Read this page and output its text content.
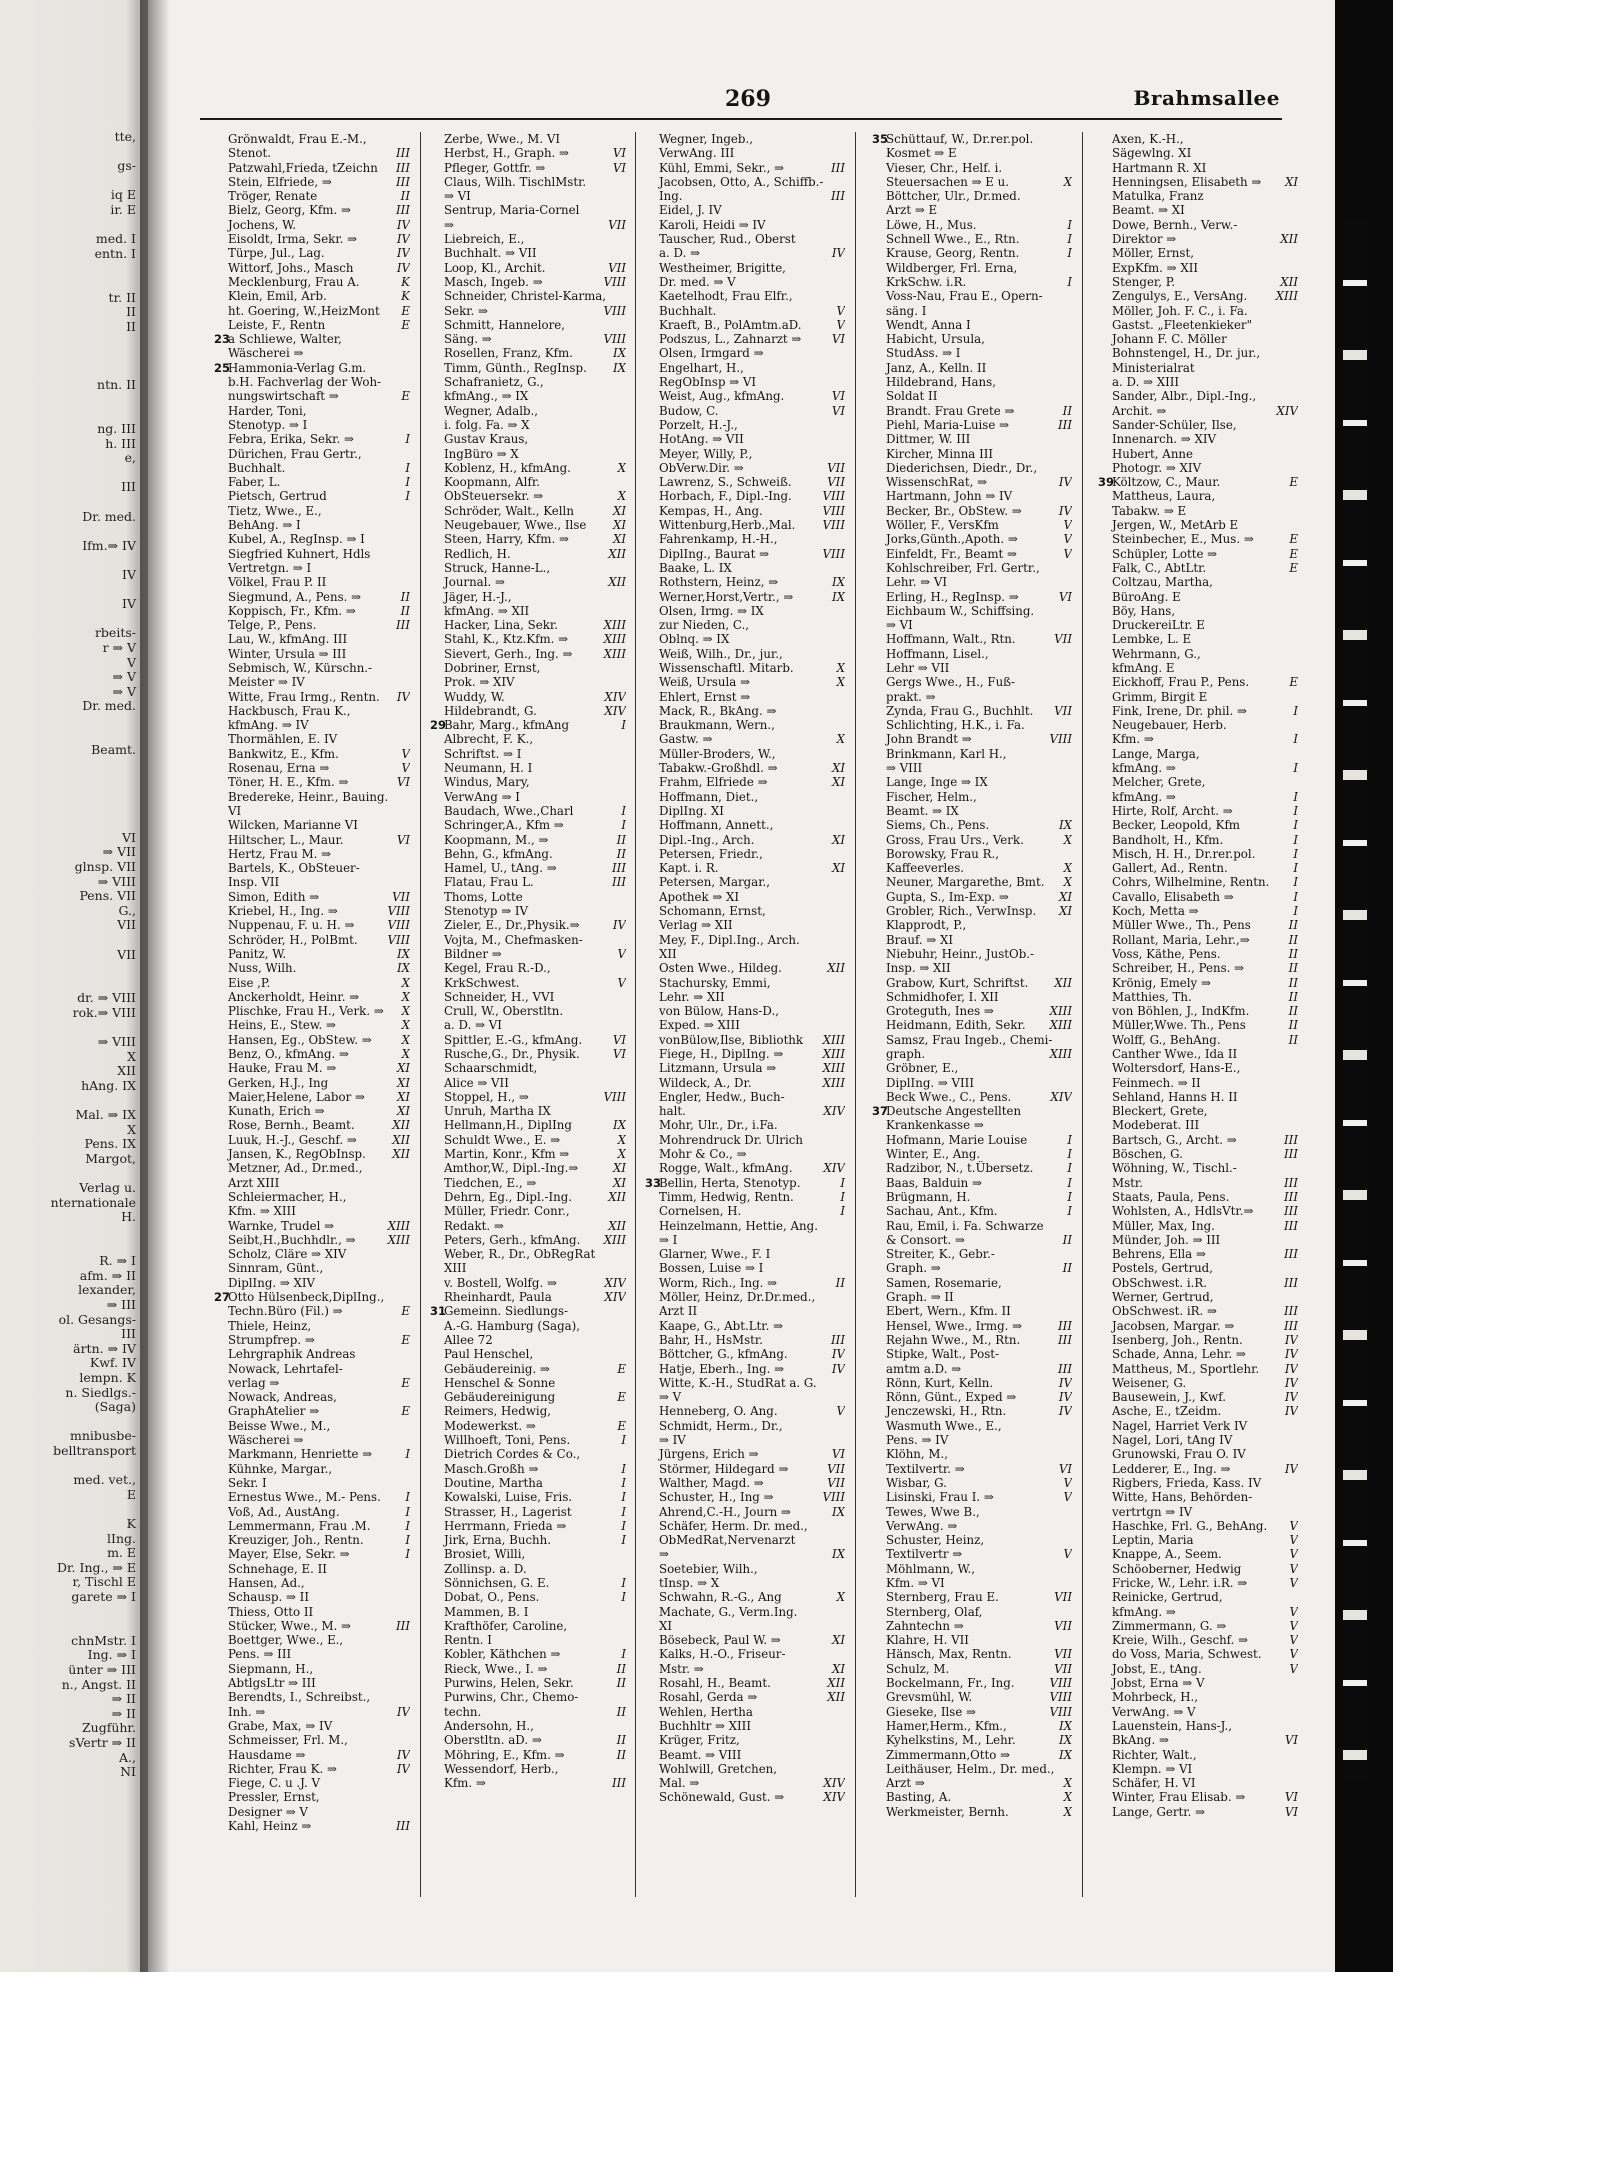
tte,
gs-
iq E
ir. E
med. I
entn. I
tr. II
II
II
ntn. II
ng. III
h. III
e,
III
Dr. med.
Ifm.⇒ IV
IV
IV
rbeits-
r ⇒ V
V
⇒ V
⇒ V
Dr. med.
Beamt.
VI
⇒ VII
glnsp. VII
⇒ VIII
Pens. VII
G.,
VII
VII
dr. ⇒ VIII
rok.⇒ VIII
⇒ VIII
X
XII
hAng. IX
Mal. ⇒ IX
X
Pens. IX
Margot,
Verlag u.
nternationale
H.
R. ⇒ I
afm. ⇒ II
lexander,
⇒ III
ol. Gesangs-
III
ärtn. ⇒ IV
Kwf. IV
lempn. K
n. Siedlgs.-
(Saga)
mnibusbe-
belltransport
med. vet.,
E
K
lIng.
m. E
Dr. Ing., ⇒ E
r, Tischl E
garete ⇒ I
chnMstr. I
Ing. ⇒ I
ünter ⇒ III
n., Angst. II
⇒ II
⇒ II
Zugführ.
sVertr ⇒ II
A.,
NI
269	Brahmsallee
Grönwaldt, Frau E.-M.,
Stenot.	III
Patzwahl,Frieda, tZeichn III
Stein, Elfriede, ⇒	III
Tröger, Renate	II
Bielz, Georg, Kfm. ⇒	III
Jochens, W.	IV
Eisoldt, Irma, Sekr. ⇒	IV
Türpe, Jul., Lag.	IV
Wittorf, Johs., Masch	IV
Mecklenburg, Frau A.	K
Klein, Emil, Arb.	K
ht. Goering, W.,HeizMont E
Leiste, F., Rentn	E
23a Schliewe, Walter,
Wäscherei ⇒
25Hammonia-Verlag G.m.
b.H. Fachverlag der Woh-
nungswirtschaft ⇒	E
Harder, Toni,
Stenotyp. ⇒ I
Febra, Erika, Sekr. ⇒	I
Dürichen, Frau Gertr.,
Buchhalt.	I
Faber, L.	I
Pietsch, Gertrud	I
Tietz, Wwe., E.,
BehAng. ⇒ I
Kubel, A., RegInsp. ⇒ I
Siegfried Kuhnert, Hdls
Vertretgn. ⇒ I
Völkel, Frau P. II
Siegmund, A., Pens. ⇒	II
Koppisch, Fr., Kfm. ⇒	II
Telge, P., Pens.	III
Lau, W., kfmAng. III
Winter, Ursula ⇒ III
Sebmisch, W., Kürschn.-
Meister ⇒ IV
Witte, Frau Irmg., Rentn. IV
Hackbusch, Frau K.,
kfmAng. ⇒ IV
Thormählen, E. IV
Bankwitz, E., Kfm.	V
Rosenau, Erna ⇒	V
Töner, H. E., Kfm. ⇒	VI
Bredereke, Heinr., Bauing.
VI
Wilcken, Marianne VI
Hiltscher, L., Maur.	VI
Hertz, Frau M. ⇒
Bartels, K., ObSteuer-
Insp. VII
Simon, Edith ⇒	VII
Kriebel, H., Ing. ⇒	VIII
Nuppenau, F. u. H. ⇒	VIII
Schröder, H., PolBmt.	VIII
Panitz, W.	IX
Nuss, Wilh.	IX
Eise ,P.	X
Anckerholdt, Heinr. ⇒	X
Plischke, Frau H., Verk. ⇒ X
Heins, E., Stew. ⇒	X
Hansen, Eg., ObStew. ⇒	X
Benz, O., kfmAng. ⇒	X
Hauke, Frau M. ⇒	XI
Gerken, H.J., Ing	XI
Maier,Helene, Labor ⇒	XI
Kunath, Erich ⇒	XI
Rose, Bernh., Beamt.	XII
Luuk, H.-J., Geschf. ⇒	XII
Jansen, K., RegObInsp. XII
Metzner, Ad., Dr.med.,
Arzt XIII
Schleiermacher, H.,
Kfm. ⇒ XIII
Warnke, Trudel ⇒	XIII
Seibt,H.,Buchhdlr., ⇒	XIII
Scholz, Cläre ⇒ XIV
Sinnram, Günt.,
DiplIng. ⇒ XIV
27Otto Hülsenbeck,DiplIng.,
Techn.Büro (Fil.) ⇒	E
Thiele, Heinz,
Strumpfrep. ⇒	E
Lehrgraphik Andreas
Nowack, Lehrtafel-
verlag ⇒	E
Nowack, Andreas,
GraphAtelier ⇒	E
Beisse Wwe., M.,
Wäscherei ⇒
Markmann, Henriette ⇒	I
Kühnke, Margar.,
Sekr. I
Ernestus Wwe., M.- Pens. I
Voß, Ad., AustAng.	I
Lemmermann, Frau .M.	I
Kreuziger, Joh., Rentn.	I
Mayer, Else, Sekr. ⇒	I
Schnehage, E. II
Hansen, Ad.,
Schausp. ⇒ II
Thiess, Otto II
Stücker, Wwe., M. ⇒	III
Boettger, Wwe., E.,
Pens. ⇒ III
Siepmann, H.,
AbtlgsLtr ⇒ III
Berendts, I., Schreibst.,
Inh. ⇒	IV
Grabe, Max, ⇒ IV
Schmeisser, Frl. M.,
Hausdame ⇒	IV
Richter, Frau K. ⇒	IV
Fiege, C. u .J. V
Pressler, Ernst,
Designer ⇒ V
Kahl, Heinz ⇒	III
Zerbe, Wwe., M. VI
Herbst, H., Graph. ⇒	VI
Pfleger, Gottfr. ⇒	VI
Claus, Wilh. TischlMstr.
⇒ VI
Sentrup, Maria-Cornel
⇒	VII
Liebreich, E.,
Buchhalt. ⇒ VII
Loop, Kl., Archit.	VII
Masch, Ingeb. ⇒	VIII
Schneider, Christel-Karma,
Sekr. ⇒	VIII
Schmitt, Hannelore,
Säng. ⇒	VIII
Rosellen, Franz, Kfm.	IX
Timm, Günth., RegInsp. IX
Schafranietz, G.,
kfmAng., ⇒ IX
Wegner, Adalb.,
i. folg. Fa. ⇒ X
Gustav Kraus,
IngBüro ⇒ X
Koblenz, H., kfmAng.	X
Koopmann, Alfr.
ObSteuersekr. ⇒	X
Schröder, Walt., Kelln	XI
Neugebauer, Wwe., Ilse XI
Steen, Harry, Kfm. ⇒	XI
Redlich, H.	XII
Struck, Hanne-L.,
Journal. ⇒	XII
Jäger, H.-J.,
kfmAng. ⇒ XII
Hacker, Lina, Sekr.	XIII
Stahl, K., Ktz.Kfm. ⇒	XIII
Sievert, Gerh., Ing. ⇒	XIII
Dobriner, Ernst,
Prok. ⇒ XIV
Wuddy, W.	XIV
Hildebrandt, G.	XIV
29Bahr, Marg., kfmAng	I
Albrecht, F. K.,
Schriftst. ⇒ I
Neumann, H. I
Windus, Mary,
VerwAng ⇒ I
Baudach, Wwe.,Charl	I
Schringer,A., Kfm ⇒	I
Koopmann, M., ⇒	II
Behn, G., kfmAng.	II
Hamel, U., tAng. ⇒	III
Flatau, Frau L.	III
Thoms, Lotte
Stenotyp ⇒ IV
Zieler, E., Dr.,Physik.⇒	IV
Vojta, M., Chefmasken-
Bildner ⇒	V
Kegel, Frau R.-D.,
KrkSchwest.	V
Schneider, H., VVI
Crull, W., Oberstltn.
a. D. ⇒ VI
Spittler, E.-G., kfmAng.	VI
Rusche,G., Dr., Physik.	VI
Schaarschmidt,
Alice ⇒ VII
Stoppel, H., ⇒	VIII
Unruh, Martha IX
Hellmann,H., DiplIng	IX
Schuldt Wwe., E. ⇒	X
Martin, Konr., Kfm ⇒	X
Amthor,W., Dipl.-Ing.⇒	XI
Tiedchen, E., ⇒	XI
Dehrn, Eg., Dipl.-Ing.	XII
Müller, Friedr. Conr.,
Redakt. ⇒	XII
Peters, Gerh., kfmAng. XIII
Weber, R., Dr., ObRegRat
XIII
v. Bostell, Wolfg. ⇒	XIV
Rheinhardt, Paula	XIV
31Gemeinn. Siedlungs-
A.-G. Hamburg (Saga),
Allee 72
Paul Henschel,
Gebäudereinig. ⇒	E
Henschel & Sonne
Gebäudereinigung	E
Reimers, Hedwig,
Modewerkst. ⇒	E
Willhoeft, Toni, Pens.	I
Dietrich Cordes & Co.,
Masch.Großh ⇒	I
Doutine, Martha	I
Kowalski, Luise, Fris.	I
Strasser, H., Lagerist	I
Herrmann, Frieda ⇒	I
Jirk, Erna, Buchh.	I
Brosiet, Willi,
Zollinsp. a. D.
Sönnichsen, G. E.	I
Dobat, O., Pens.	I
Mammen, B. I
Krafthöfer, Caroline,
Rentn. I
Kobler, Käthchen ⇒	I
Rieck, Wwe., I. ⇒	II
Purwins, Helen, Sekr.	II
Purwins, Chr., Chemo-
techn.	II
Andersohn, H.,
Oberstltn. aD. ⇒	II
Möhring, E., Kfm. ⇒	II
Wessendorf, Herb.,
Kfm. ⇒	III
Wegner, Ingeb.,
VerwAng. III
Kühl, Emmi, Sekr., ⇒	III
Jacobsen, Otto, A., Schiffb.-
Ing.	III
Eidel, J. IV
Karoli, Heidi ⇒ IV
Tauscher, Rud., Oberst
a. D. ⇒	IV
Westheimer, Brigitte,
Dr. med. ⇒ V
Kaetelhodt, Frau Elfr.,
Buchhalt.	V
Kraeft, B., PolAmtm.aD.	V
Podszus, L., Zahnarzt ⇒	VI
Olsen, Irmgard ⇒
Engelhart, H.,
RegObInsp ⇒ VI
Weist, Aug., kfmAng.	VI
Budow, C.	VI
Porzelt, H.-J.,
HotAng. ⇒ VII
Meyer, Willy, P.,
ObVerw.Dir. ⇒	VII
Lawrenz, S., Schweiß.	VII
Horbach, F., Dipl.-Ing.	VIII
Kempas, H., Ang.	VIII
Wittenburg,Herb.,Mal. VIII
Fahrenkamp, H.-H.,
DiplIng., Baurat ⇒	VIII
Baake, L. IX
Rothstern, Heinz, ⇒	IX
Werner,Horst,Vertr., ⇒	IX
Olsen, Irmg. ⇒ IX
zur Nieden, C.,
Oblnq. ⇒ IX
Weiß, Wilh., Dr., jur.,
Wissenschaftl. Mitarb.	X
Weiß, Ursula ⇒	X
Ehlert, Ernst ⇒
Mack, R., BkAng. ⇒
Braukmann, Wern.,
Gastw. ⇒	X
Müller-Broders, W.,
Tabakw.-Großhdl. ⇒	XI
Frahm, Elfriede ⇒	XI
Hoffmann, Diet.,
DiplIng. XI
Hoffmann, Annett.,
Dipl.-Ing., Arch.	XI
Petersen, Friedr.,
Kapt. i. R.	XI
Petersen, Margar.,
Apothek ⇒ XI
Schomann, Ernst,
Verlag ⇒ XII
Mey, F., Dipl.Ing., Arch.
XII
Osten Wwe., Hildeg.	XII
Stachursky, Emmi,
Lehr. ⇒ XII
von Bülow, Hans-D.,
Exped. ⇒ XIII
vonBülow,Ilse, Bibliothk XIII
Fiege, H., DiplIng. ⇒	XIII
Litzmann, Ursula ⇒	XIII
Wildeck, A., Dr.	XIII
Engler, Hedw., Buch-
halt.	XIV
Mohr, Ulr., Dr., i.Fa.
Mohrendruck Dr. Ulrich
Mohr & Co., ⇒
Rogge, Walt., kfmAng.	XIV
33Bellin, Herta, Stenotyp.	I
Timm, Hedwig, Rentn.	I
Cornelsen, H.	I
Heinzelmann, Hettie, Ang.
⇒ I
Glarner, Wwe., F. I
Bossen, Luise ⇒ I
Worm, Rich., Ing. ⇒	II
Möller, Heinz, Dr.Dr.med.,
Arzt II
Kaape, G., Abt.Ltr. ⇒
Bahr, H., HsMstr.	III
Böttcher, G., kfmAng.	IV
Hatje, Eberh., Ing. ⇒	IV
Witte, K.-H., StudRat a. G.
⇒ V
Henneberg, O. Ang.	V
Schmidt, Herm., Dr.,
⇒ IV
Jürgens, Erich ⇒	VI
Störmer, Hildegard ⇒	VII
Walther, Magd. ⇒	VII
Schuster, H., Ing ⇒	VIII
Ahrend,C.-H., Journ ⇒	IX
Schäfer, Herm. Dr. med.,
ObMedRat,Nervenarzt
⇒	IX
Soetebier, Wilh.,
tInsp. ⇒ X
Schwahn, R.-G., Ang	X
Machate, G., Verm.Ing.
XI
Bösebeck, Paul W. ⇒	XI
Kalks, H.-O., Friseur-
Mstr. ⇒	XI
Rosahl, H., Beamt.	XII
Rosahl, Gerda ⇒	XII
Wehlen, Hertha
Buchhltr ⇒ XIII
Krüger, Fritz,
Beamt. ⇒ VIII
Wohlwill, Gretchen,
Mal. ⇒	XIV
Schönewald, Gust. ⇒	XIV
35Schüttauf, W., Dr.rer.pol.
Kosmet ⇒ E
Vieser, Chr., Helf. i.
Steuersachen ⇒ E u.	X
Böttcher, Ulr., Dr.med.
Arzt ⇒ E
Löwe, H., Mus.	I
Schnell Wwe., E., Rtn.	I
Krause, Georg, Rentn.	I
Wildberger, Frl. Erna,
KrkSchw. i.R.	I
Voss-Nau, Frau E., Opern-
säng. I
Wendt, Anna I
Habicht, Ursula,
StudAss. ⇒ I
Janz, A., Kelln. II
Hildebrand, Hans,
Soldat II
Brandt. Frau Grete ⇒	II
Piehl, Maria-Luise ⇒	III
Dittmer, W. III
Kircher, Minna III
Diederichsen, Diedr., Dr.,
WissenschRat, ⇒	IV
Hartmann, John ⇒ IV
Becker, Br., ObStew. ⇒	IV
Wöller, F., VersKfm	V
Jorks,Günth.,Apoth. ⇒	V
Einfeldt, Fr., Beamt ⇒	V
Kohlschreiber, Frl. Gertr.,
Lehr. ⇒ VI
Erling, H., RegInsp. ⇒	VI
Eichbaum W., Schiffsing.
⇒ VI
Hoffmann, Walt., Rtn.	VII
Hoffmann, Lisel.,
Lehr ⇒ VII
Gergs Wwe., H., Fuß-
prakt. ⇒
Zynda, Frau G., Buchhlt. VII
Schlichting, H.K., i. Fa.
John Brandt ⇒	VIII
Brinkmann, Karl H.,
⇒ VIII
Lange, Inge ⇒ IX
Fischer, Helm.,
Beamt. ⇒ IX
Siems, Ch., Pens.	IX
Gross, Frau Urs., Verk.	X
Borowsky, Frau R.,
Kaffeeverles.	X
Neuner, Margarethe, Bmt. X
Gupta, S., Im-Exp. ⇒	XI
Grobler, Rich., VerwInsp. XI
Klapprodt, P.,
Brauf. ⇒ XI
Niebuhr, Heinr., JustOb.-
Insp. ⇒ XII
Grabow, Kurt, Schriftst. XII
Schmidhofer, I. XII
Groteguth, Ines ⇒	XIII
Heidmann, Edith, Sekr. XIII
Samsz, Frau Ingeb., Chemi-
graph.	XIII
Gröbner, E.,
DiplIng. ⇒ VIII
Beck Wwe., C., Pens.	XIV
37Deutsche Angestellten
Krankenkasse ⇒
Hofmann, Marie Louise	I
Winter, E., Ang.	I
Radzibor, N., t.Übersetz.	I
Baas, Balduin ⇒	I
Brügmann, H.	I
Sachau, Ant., Kfm.	I
Rau, Emil, i. Fa. Schwarze
& Consort. ⇒	II
Streiter, K., Gebr.-
Graph. ⇒	II
Samen, Rosemarie,
Graph. ⇒ II
Ebert, Wern., Kfm. II
Hensel, Wwe., Irmg. ⇒	III
Rejahn Wwe., M., Rtn.	III
Stipke, Walt., Post-
amtm a.D. ⇒	III
Rönn, Kurt, Kelln.	IV
Rönn, Günt., Exped ⇒	IV
Jenczewski, H., Rtn.	IV
Wasmuth Wwe., E.,
Pens. ⇒ IV
Klöhn, M.,
Textilvertr. ⇒	VI
Wisbar, G.	V
Lisinski, Frau I. ⇒	V
Tewes, Wwe B.,
VerwAng. ⇒
Schuster, Heinz,
Textilvertr ⇒	V
Möhlmann, W.,
Kfm. ⇒ VI
Sternberg, Frau E.	VII
Sternberg, Olaf,
Zahntechn ⇒	VII
Klahre, H. VII
Hänsch, Max, Rentn.	VII
Schulz, M.	VII
Bockelmann, Fr., Ing.	VIII
Grevsmühl, W.	VIII
Gieseke, Ilse ⇒	VIII
Hamer,Herm., Kfm.,	IX
Kyhelkstins, M., Lehr.	IX
Zimmermann,Otto ⇒	IX
Leithäuser, Helm., Dr. med.,
Arzt ⇒	X
Basting, A.	X
Werkmeister, Bernh.	X
Axen, K.-H.,
Sägewlng. XI
Hartmann R. XI
Henningsen, Elisabeth ⇒ XI
Matulka, Franz
Beamt. ⇒ XI
Dowe, Bernh., Verw.-
Direktor ⇒	XII
Möller, Ernst,
ExpKfm. ⇒ XII
Stenger, P.	XII
Zengulys, E., VersAng. XIII
Möller, Joh. F. C., i. Fa.
Gastst. „Fleetenkieker"
Johann F. C. Möller
Bohnstengel, H., Dr. jur.,
Ministerialrat
a. D. ⇒ XIII
Sander, Albr., Dipl.-Ing.,
Archit. ⇒	XIV
Sander-Schüler, Ilse,
Innenarch. ⇒ XIV
Hubert, Anne
Photogr. ⇒ XIV
39Költzow, C., Maur.	E
Mattheus, Laura,
Tabakw. ⇒ E
Jergen, W., MetArb E
Steinbecher, E., Mus. ⇒	E
Schüpler, Lotte ⇒	E
Falk, C., AbtLtr.	E
Coltzau, Martha,
BüroAng. E
Böy, Hans,
DruckereiLtr. E
Lembke, L. E
Wehrmann, G.,
kfmAng. E
Eickhoff, Frau P., Pens.	E
Grimm, Birgit E
Fink, Irene, Dr. phil. ⇒	I
Neugebauer, Herb.
Kfm. ⇒	I
Lange, Marga,
kfmAng. ⇒	I
Melcher, Grete,
kfmAng. ⇒	I
Hirte, Rolf, Archt. ⇒	I
Becker, Leopold, Kfm	I
Bandholt, H., Kfm.	I
Misch, H. H., Dr.rer.pol.	I
Gallert, Ad., Rentn.	I
Cohrs, Wilhelmine, Rentn. I
Cavallo, Elisabeth ⇒	I
Koch, Metta ⇒	I
Müller Wwe., Th., Pens	II
Rollant, Maria, Lehr.,⇒	II
Voss, Käthe, Pens.	II
Schreiber, H., Pens. ⇒	II
Krönig, Emely ⇒	II
Matthies, Th.	II
von Böhlen, J., IndKfm.	II
Müller,Wwe. Th., Pens	II
Wolff, G., BehAng.	II
Canther Wwe., Ida II
Woltersdorf, Hans-E.,
Feinmech. ⇒ II
Sehland, Hanns H. II
Bleckert, Grete,
Modeberat. III
Bartsch, G., Archt. ⇒	III
Böschen, G.	III
Wöhning, W., Tischl.-
Mstr.	III
Staats, Paula, Pens.	III
Wohlsten, A., HdlsVtr.⇒	III
Müller, Max, Ing.	III
Münder, Joh. ⇒ III
Behrens, Ella ⇒	III
Postels, Gertrud,
ObSchwest. i.R.	III
Werner, Gertrud,
ObSchwest. iR. ⇒	III
Jacobsen, Margar. ⇒	III
Isenberg, Joh., Rentn.	IV
Schade, Anna, Lehr. ⇒	IV
Mattheus, M., Sportlehr. IV
Weisener, G.	IV
Bausewein, J., Kwf.	IV
Asche, E., tZeidm.	IV
Nagel, Harriet Verk IV
Nagel, Lori, tAng IV
Grunowski, Frau O. IV
Ledderer, E., Ing. ⇒	IV
Rigbers, Frieda, Kass. IV
Witte, Hans, Behörden-
vertrtgn ⇒ IV
Haschke, Frl. G., BehAng. V
Leptin, Maria	V
Knappe, A., Seem.	V
Schöoberner, Hedwig	V
Fricke, W., Lehr. i.R. ⇒	V
Reinicke, Gertrud,
kfmAng. ⇒	V
Zimmermann, G. ⇒	V
Kreie, Wilh., Geschf. ⇒	V
do Voss, Maria, Schwest. V
Jobst, E., tAng.	V
Jobst, Erna ⇒ V
Mohrbeck, H.,
VerwAng. ⇒ V
Lauenstein, Hans-J.,
BkAng. ⇒	VI
Richter, Walt.,
Klempn. ⇒ VI
Schäfer, H. VI
Winter, Frau Elisab. ⇒	VI
Lange, Gertr. ⇒	VI
